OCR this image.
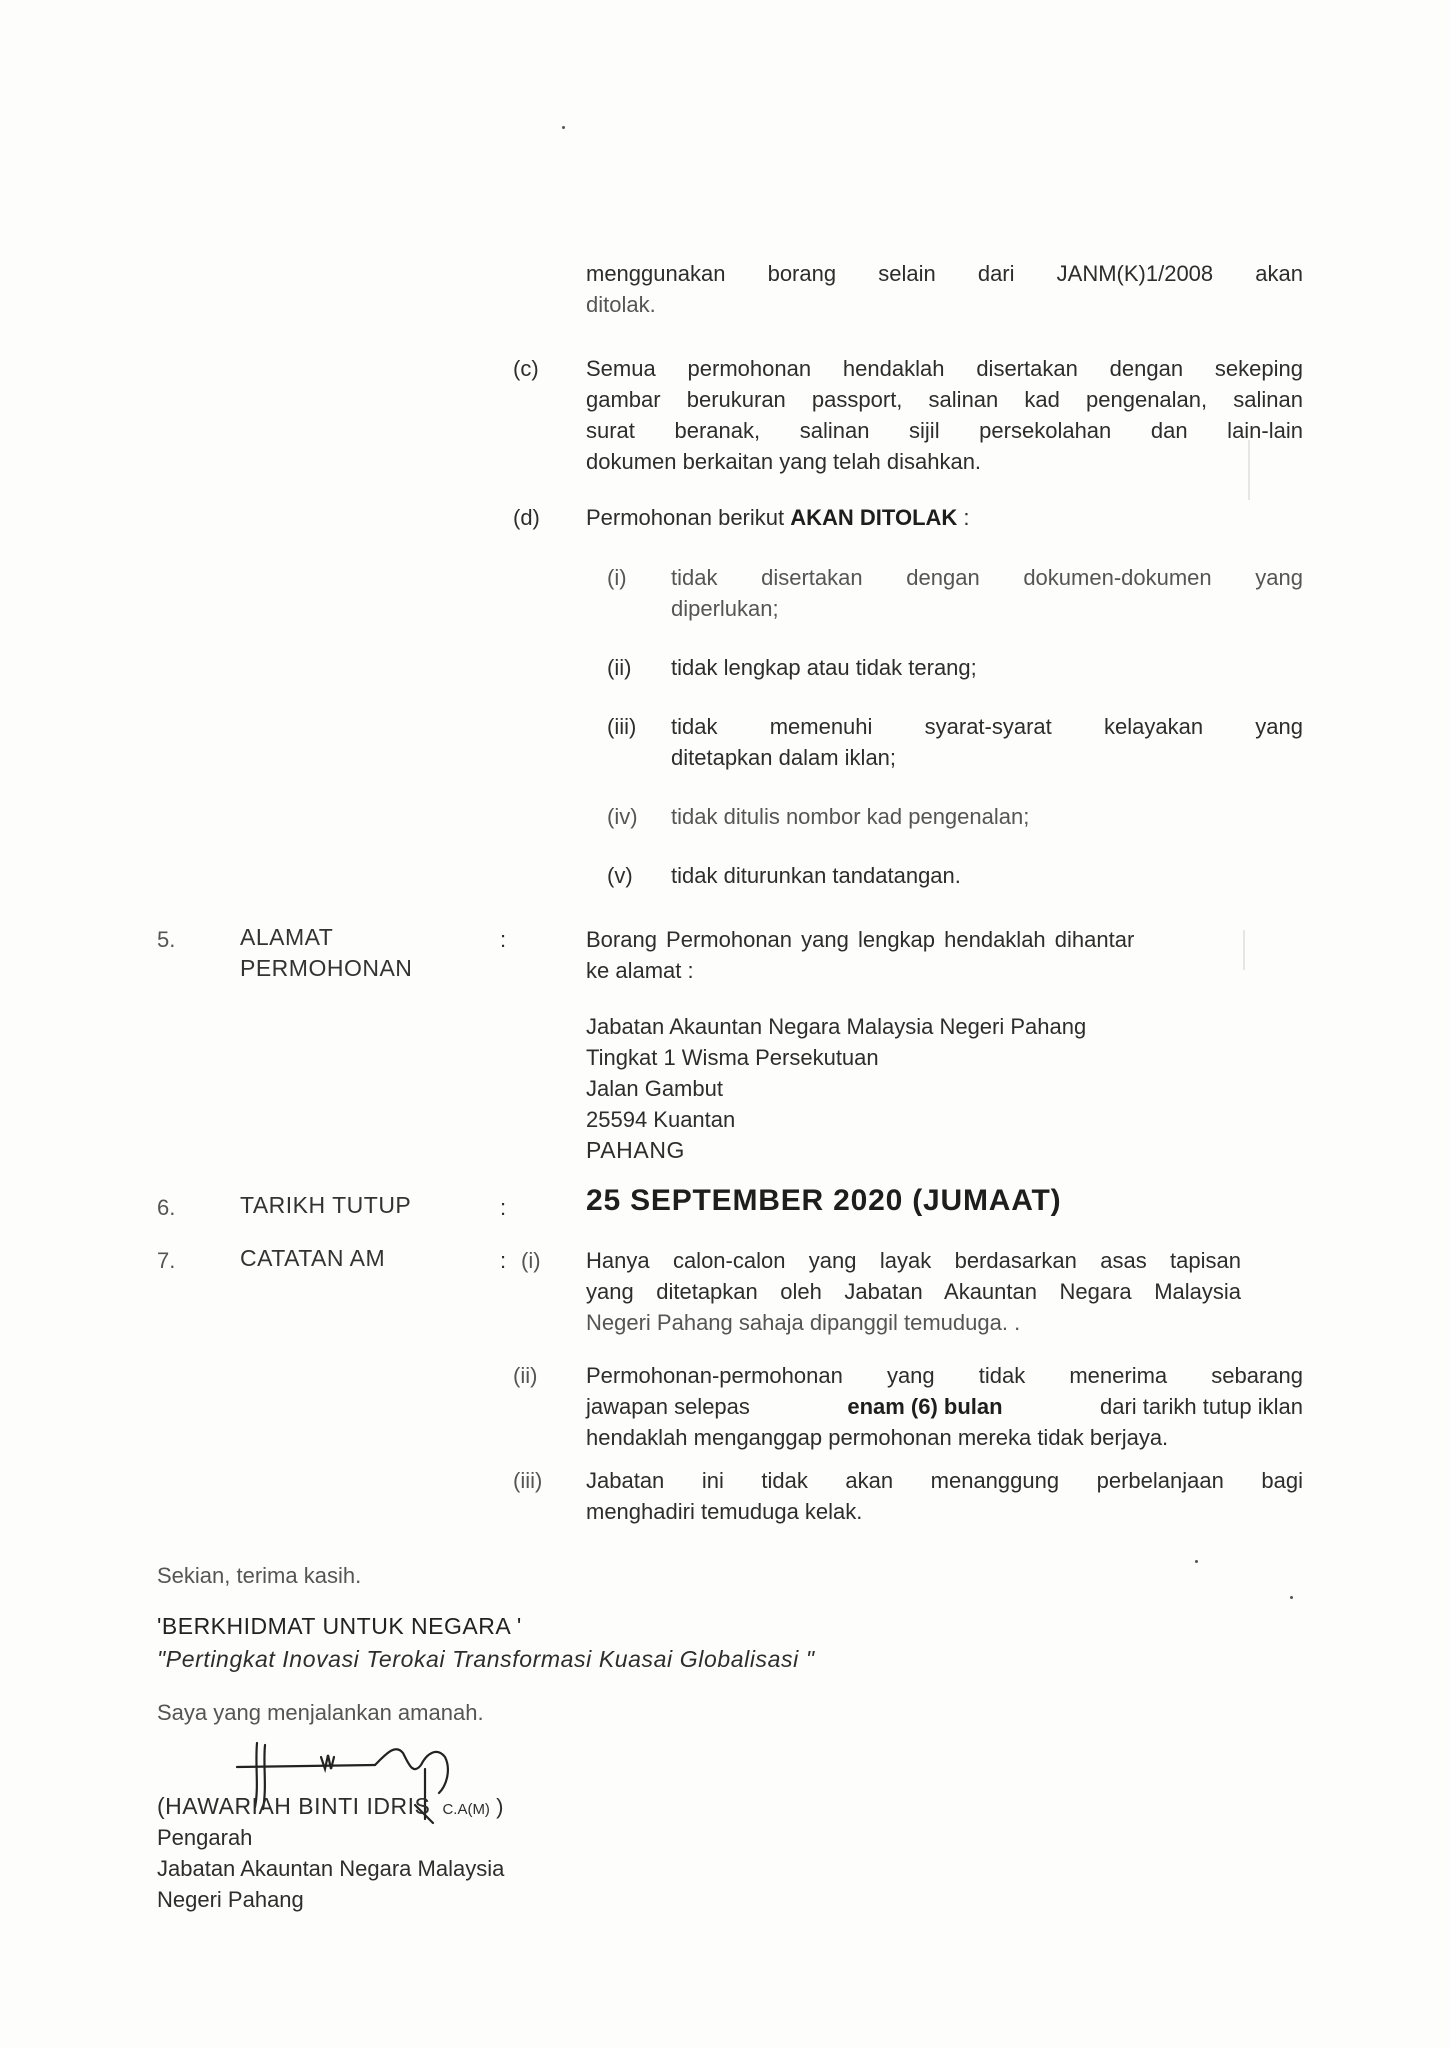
menggunakan borang selain dari JANM(K)1/2008 akan
ditolak.
(c) Semua permohonan hendaklah disertakan dengan sekeping
gambar berukuran passport, salinan kad pengenalan, salinan
surat beranak, salinan sijil persekolahan dan lain-lain
dokumen berkaitan yang telah disahkan.
(d) Permohonan berikut AKAN DITOLAK :
(i) tidak disertakan dengan dokumen-dokumen yang
diperlukan;
(ii) tidak lengkap atau tidak terang;
(iii) tidak memenuhi syarat-syarat kelayakan yang
ditetapkan dalam iklan;
(iv) tidak ditulis nombor kad pengenalan;
(v) tidak diturunkan tandatangan.
5.	ALAMAT
PERMOHONAN
:	Borang Permohonan yang lengkap hendaklah dihantar
ke alamat :
Jabatan Akauntan Negara Malaysia Negeri Pahang
Tingkat 1 Wisma Persekutuan
Jalan Gambut
25594 Kuantan
PAHANG
6.	TARIKH TUTUP	:	25 SEPTEMBER 2020 (JUMAAT)
7.	CATATAN AM	: (i) Hanya calon-calon yang layak berdasarkan asas tapisan
yang ditetapkan oleh Jabatan Akauntan Negara Malaysia
Negeri Pahang sahaja dipanggil temuduga. .
(ii) Permohonan-permohonan yang tidak menerima sebarang
jawapan selepas	enam (6) bulan	dari tarikh tutup iklan
hendaklah menganggap permohonan mereka tidak berjaya.
(iii) Jabatan ini tidak akan menanggung perbelanjaan bagi
menghadiri temuduga kelak.
Sekian, terima kasih.
'BERKHIDMAT UNTUK NEGARA '
"Pertingkat Inovasi Terokai Transformasi Kuasai Globalisasi "
Saya yang menjalankan amanah.
(HAWARIAH BINTI IDRIS C.A(M) )
Pengarah
Jabatan Akauntan Negara Malaysia
Negeri Pahang
